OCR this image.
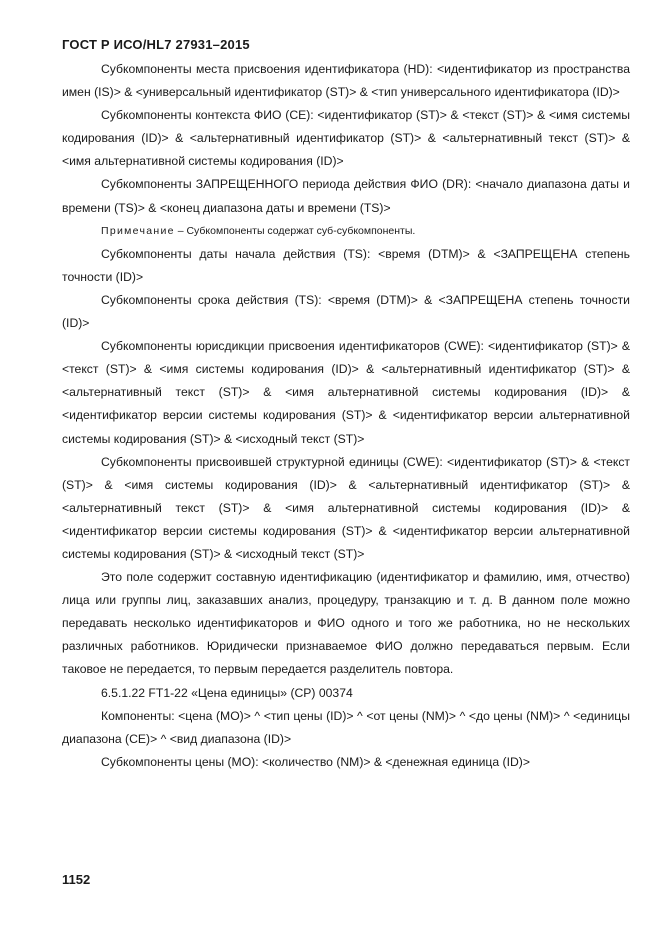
ГОСТ Р ИСО/HL7 27931–2015

Субкомпоненты места присвоения идентификатора (HD): <идентификатор из пространства имен (IS)> & <универсальный идентификатор (ST)> & <тип универсального идентификатора (ID)>

Субкомпоненты контекста ФИО (CE): <идентификатор (ST)> & <текст (ST)> & <имя системы кодирования (ID)> & <альтернативный идентификатор (ST)> & <альтернативный текст (ST)> & <имя альтернативной системы кодирования (ID)>

Субкомпоненты ЗАПРЕЩЕННОГО периода действия ФИО (DR): <начало диапазона даты и времени (TS)> & <конец диапазона даты и времени (TS)>

Примечание – Субкомпоненты содержат суб-субкомпоненты.

Субкомпоненты даты начала действия (TS): <время (DTM)> & <ЗАПРЕЩЕНА степень точности (ID)>

Субкомпоненты срока действия (TS): <время (DTM)> & <ЗАПРЕЩЕНА степень точности (ID)>

Субкомпоненты юрисдикции присвоения идентификаторов (CWE): <идентификатор (ST)> & <текст (ST)> & <имя системы кодирования (ID)> & <альтернативный идентификатор (ST)> & <альтернативный текст (ST)> & <имя альтернативной системы кодирования (ID)> & <идентификатор версии системы кодирования (ST)> & <идентификатор версии альтернативной системы кодирования (ST)> & <исходный текст (ST)>

Субкомпоненты присвоившей структурной единицы (CWE): <идентификатор (ST)> & <текст (ST)> & <имя системы кодирования (ID)> & <альтернативный идентификатор (ST)> & <альтернативный текст (ST)> & <имя альтернативной системы кодирования (ID)> & <идентификатор версии системы кодирования (ST)> & <идентификатор версии альтернативной системы кодирования (ST)> & <исходный текст (ST)>

Это поле содержит составную идентификацию (идентификатор и фамилию, имя, отчество) лица или группы лиц, заказавших анализ, процедуру, транзакцию и т. д. В данном поле можно передавать несколько идентификаторов и ФИО одного и того же работника, но не нескольких различных работников. Юридически признаваемое ФИО должно передаваться первым. Если таковое не передается, то первым передается разделитель повтора.

6.5.1.22 FT1-22 «Цена единицы» (CP) 00374

Компоненты: <цена (MO)> ^ <тип цены (ID)> ^ <от цены (NM)> ^ <до цены (NM)> ^ <единицы диапазона (CE)> ^ <вид диапазона (ID)>

Субкомпоненты цены (MO): <количество (NM)> & <денежная единица (ID)>

1152
